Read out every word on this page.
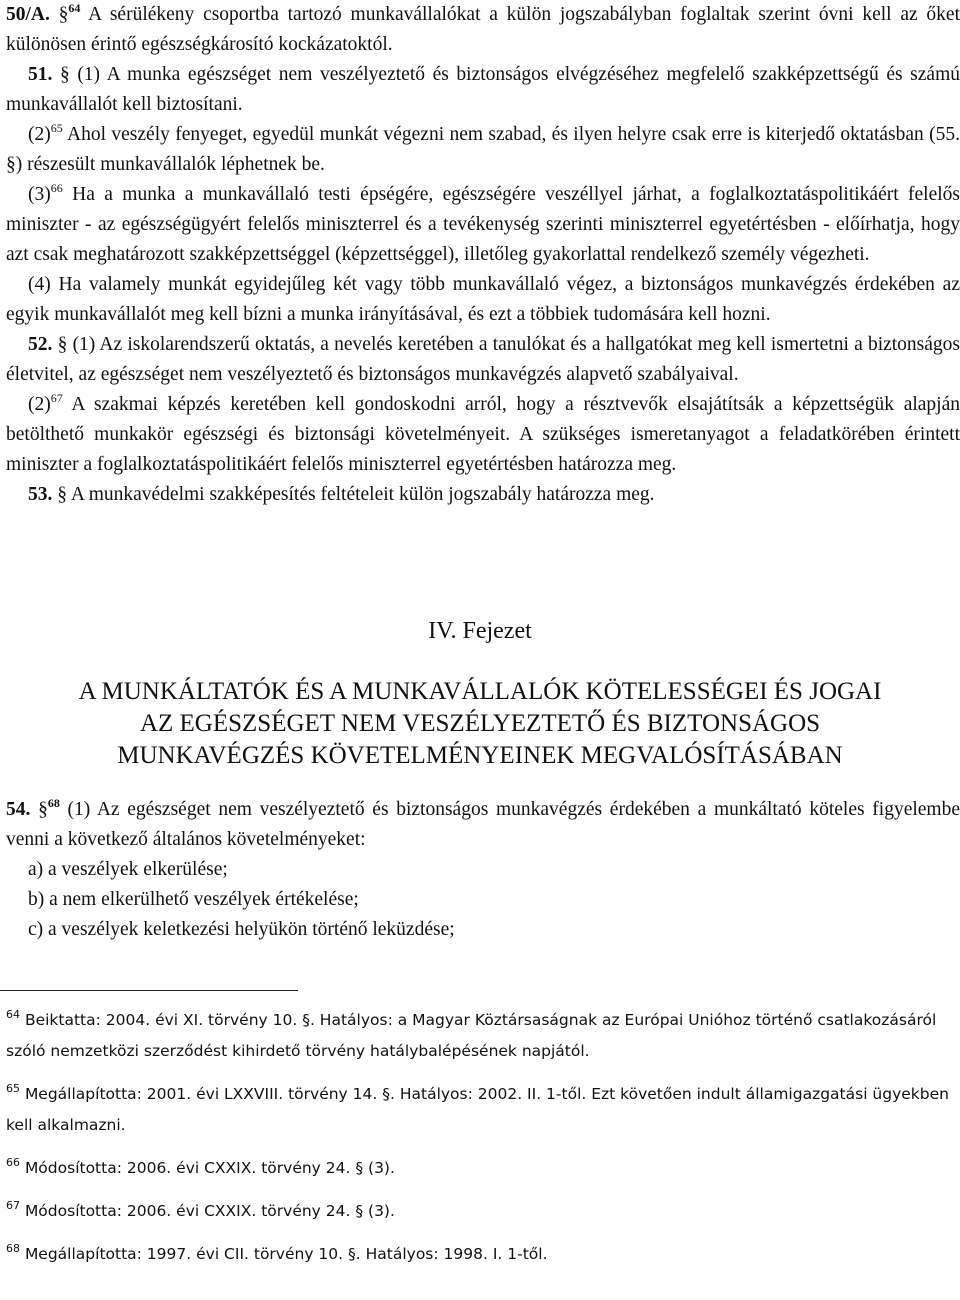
50/A. §$^{64}$ A sérülékeny csoportba tartozó munkavállalókat a külön jogszabályban foglaltak szerint óvni kell az őket különösen érintő egészségkárosító kockázatoktól.

51. § (1) A munka egészséget nem veszélyeztető és biztonságos elvégzéséhez megfelelő szakképzettségű és számú munkavállalót kell biztosítani.

$(2)^{65}$ Ahol veszély fenyeget, egyedül munkát végezni nem szabad, és ilyen helyre csak erre is kiterjedő oktatásban (55. §) részesült munkavállalók léphetnek be.

$(3)^{66}$ Ha a munka a munkavállaló testi épségére, egészségére veszéllyel járhat, a foglalkoztatáspolitikáért felelős miniszter - az egészségügyért felelős miniszterrel és a tevékenység szerinti miniszterrel egyetértésben - előírhatja, hogy azt csak meghatározott szakképzettséggel (képzettséggel), illetőleg gyakorlattal rendelkező személy végezheti.

(4) Ha valamely munkát egyidejűleg két vagy több munkavállaló végez, a biztonságos munkavégzés érdekében az egyik munkavállalót meg kell bízni a munka irányításával, és ezt a többiek tudomására kell hozni.

52. § (1) Az iskolarendszerű oktatás, a nevelés keretében a tanulókat és a hallgatókat meg kell ismertetni a biztonságos életvitel, az egészséget nem veszélyeztető és biztonságos munkavégzés alapvető szabályaival.

$(2)^{67}$ A szakmai képzés keretében kell gondoskodni arról, hogy a résztvevők elsajátítsák a képzettségük alapján betölthető munkakör egészségi és biztonsági követelményeit. A szükséges ismeretanyagot a feladatkörében érintett miniszter a foglalkoztatáspolitikáért felelős miniszterrel egyetértésben határozza meg.

53. § A munkavédelmi szakképesítés feltételeit külön jogszabály határozza meg.

IV. Fejezet
A MUNKÁLTATÓK ÉS A MUNKAVÁLLALÓK KÖTELESSÉGEI ÉS JOGAI
AZ EGÉSZSÉGET NEM VESZÉLYEZTETŐ ÉS BIZTONSÁGOS
MUNKAVÉGZÉS KÖVETELMÉNYEINEK MEGVALÓSÍTÁSÁBAN

54. §$^{68}$ (1) Az egészséget nem veszélyeztető és biztonságos munkavégzés érdekében a munkáltató köteles figyelembe venni a következő általános követelményeket:

a) a veszélyek elkerülése;

b) a nem elkerülhető veszélyek értékelése;

c) a veszélyek keletkezési helyükön történő leküzdése;

$^{64}$ Beiktatta: 2004. évi XI. törvény 10. §. Hatályos: a Magyar Köztársaságnak az Európai Unióhoz történő csatlakozásáról szóló nemzetközi szerződést kihirdető törvény hatálybalépésének napjától.

$^{65}$ Megállapította: 2001. évi LXXVIII. törvény 14. §. Hatályos: 2002. II. 1-től. Ezt követően indult államigazgatási ügyekben kell alkalmazni.

$^{66}$ Módosította: 2006. évi CXXIX. törvény 24. § (3).

$^{67}$ Módosította: 2006. évi CXXIX. törvény 24. § (3).

$^{68}$ Megállapította: 1997. évi CII. törvény 10. §. Hatályos: 1998. I. 1-től.
